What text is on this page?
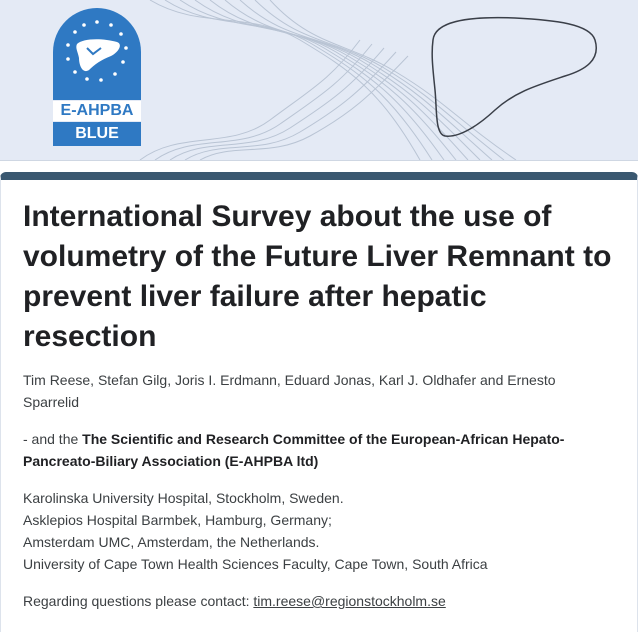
E-AHPBA
BLUE
International Survey about the use of volumetry of the Future Liver Remnant to prevent liver failure after hepatic resection

Tim Reese, Stefan Gilg, Joris I. Erdmann, Eduard Jonas, Karl J. Oldhafer and Ernesto Sparrelid

- and the The Scientific and Research Committee of the European-African Hepato-Pancreato-Biliary Association (E-AHPBA ltd)

Karolinska University Hospital, Stockholm, Sweden.
Asklepios Hospital Barmbek, Hamburg, Germany;
Amsterdam UMC, Amsterdam, the Netherlands.
University of Cape Town Health Sciences Faculty, Cape Town, South Africa

Regarding questions please contact: tim.reese@regionstockholm.se
